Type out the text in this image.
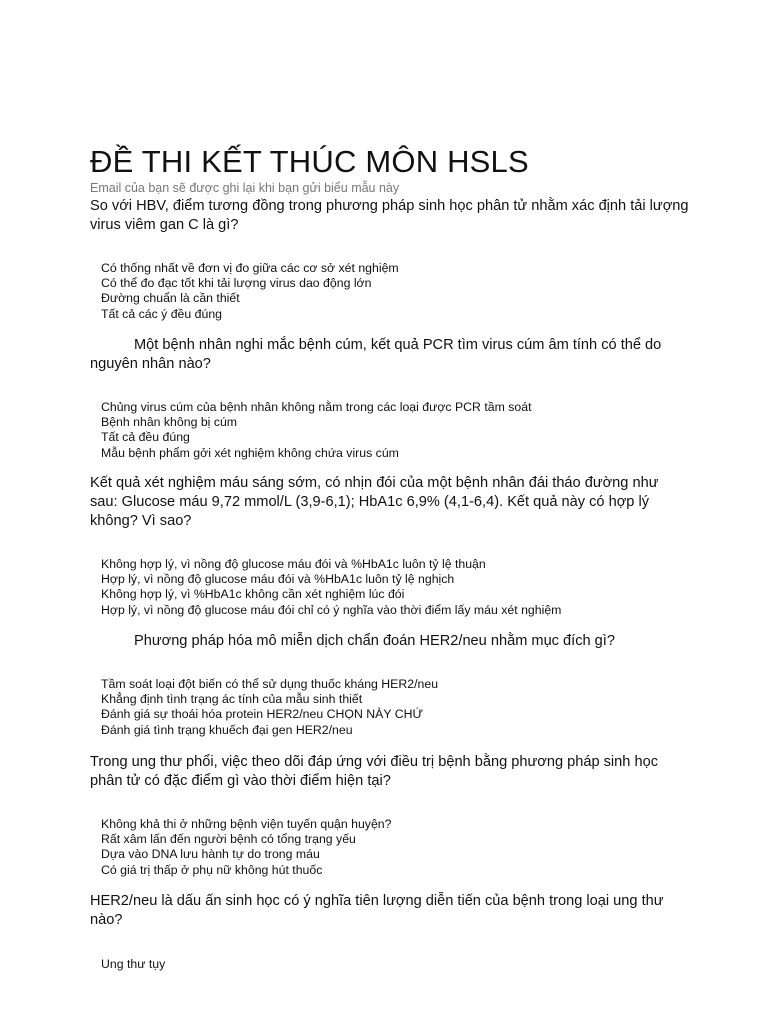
ĐỀ THI KẾT THÚC MÔN HSLS

Email của bạn sẽ được ghi lại khi bạn gửi biểu mẫu này

So với HBV, điểm tương đồng trong phương pháp sinh học phân tử nhằm xác định tải lượng virus viêm gan C là gì?

Có thống nhất về đơn vị đo giữa các cơ sở xét nghiệm
Có thể đo đạc tốt khi tải lượng virus dao động lớn
Đường chuẩn là cần thiết
Tất cả các ý đều đúng

Một bệnh nhân nghi mắc bệnh cúm, kết quả PCR tìm virus cúm âm tính có thể do nguyên nhân nào?

Chủng virus cúm của bệnh nhân không nằm trong các loại được PCR tầm soát
Bệnh nhân không bị cúm
Tất cả đều đúng
Mẫu bệnh phẩm gởi xét nghiệm không chứa virus cúm

Kết quả xét nghiệm máu sáng sớm, có nhịn đói của một bệnh nhân đái tháo đường như sau: Glucose máu 9,72 mmol/L (3,9-6,1); HbA1c 6,9% (4,1-6,4). Kết quả này có hợp lý không? Vì sao?

Không hợp lý, vì nồng độ glucose máu đói và %HbA1c luôn tỷ lệ thuận
Hợp lý, vì nồng độ glucose máu đói và %HbA1c luôn tỷ lệ nghịch
Không hợp lý, vì %HbA1c không cần xét nghiệm lúc đói
Hợp lý, vì nồng độ glucose máu đói chỉ có ý nghĩa vào thời điểm lấy máu xét nghiệm

Phương pháp hóa mô miễn dịch chẩn đoán HER2/neu nhằm mục đích gì?

Tầm soát loại đột biến có thể sử dụng thuốc kháng HER2/neu
Khẳng định tình trạng ác tính của mẫu sinh thiết
Đánh giá sự thoái hóa protein HER2/neu CHỌN NÀY CHỨ
Đánh giá tình trạng khuếch đại gen HER2/neu

Trong ung thư phổi, việc theo dõi đáp ứng với điều trị bệnh bằng phương pháp sinh học phân tử có đặc điểm gì vào thời điểm hiện tại?

Không khả thi ở những bệnh viện tuyến quận huyện?
Rất xâm lấn đến người bệnh có tổng trạng yếu
Dựa vào DNA lưu hành tự do trong máu
Có giá trị thấp ở phụ nữ không hút thuốc

HER2/neu là dấu ấn sinh học có ý nghĩa tiên lượng diễn tiến của bệnh trong loại ung thư nào?

Ung thư tụy
